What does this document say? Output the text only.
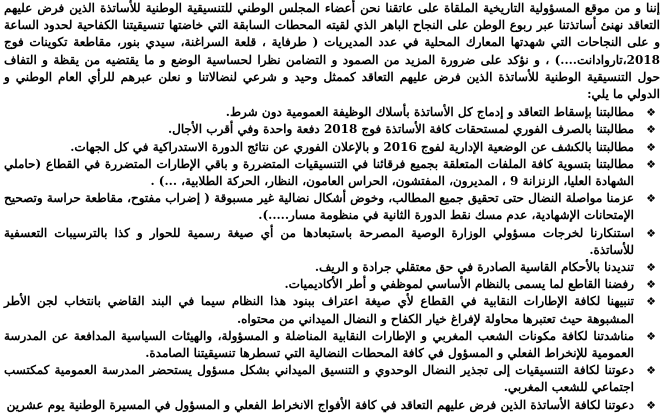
إننا و من موقع المسؤولية التاريخية الملقاة على عاتقنا نحن أعضاء المجلس الوطني للتنسيقية الوطنية للأساتذة الذين فرض عليهم التعاقد نهنئ أساتذتنا عبر ربوع الوطن على النجاح الباهر الذي لقيته المحطات السابقة التي خاضتها تنسيقيتنا الكفاحية لحدود الساعة و على النجاحات التي شهدتها المعارك المحلية في عدد المديريات ( طرفاية ، قلعة السراغنة، سيدي بنور، مقاطعة تكوينات فوج 2018،تاروادانت....) ، و نؤكد على ضرورة المزيد من الصمود و التضامن نظرا لحساسية الوضع و ما يقتضيه من يقظة و التفاف حول التنسيقية الوطنية للأساتذة الذين فرض عليهم التعاقد كممثل وحيد و شرعي لنضالاتنا و نعلن عبرهم للرأي العام الوطني و الدولي ما يلي:

❖
مطالبتنا بإسقاط التعاقد و إدماج كل الأساتذة بأسلاك الوظيفة العمومية دون شرط.
❖
مطالبتنا بالصرف الفوري لمستحقات كافة الأساتذة فوج 2018 دفعة واحدة وفي أقرب الأجال.
❖
مطالبتنا بالكشف عن الوضعية الإدارية لفوج 2016 و بالإعلان الفوري عن نتائج الدورة الاستدراكية في كل الجهات.
❖
مطالبتنا بتسوية كافة الملفات المتعلقة بجميع فرقائنا في التنسيقيات المتضررة و باقي الإطارات المتضررة في القطاع (حاملي الشهادة العليا، الزنزانة 9 ، المديرون، المفتشون، الحراس العامون، النظار، الحركة الطلابية، ...) .
❖
عزمنا مواصلة النضال حتى تحقيق جميع المطالب، وخوض أشكال نضالية غير مسبوقة ( إضراب مفتوح، مقاطعة حراسة وتصحيح الإمتحانات الإشهادية، عدم مسك نقط الدورة الثانية في منظومة مسار.....).
❖
استنكارنا لخرجات مسؤولي الوزارة الوصية المصرحة باستبعادها من أي صيغة رسمية للحوار و كذا بالترسيبات التعسفية للأساتذة.
❖
تنديدنا بالأحكام القاسية الصادرة في حق معتقلي جرادة و الريف.
❖
رفضنا القاطع لما يسمى بالنظام الأساسي لموظفي و أطر الأكاديميات.
❖
تنبيهنا لكافة الإطارات النقابية في القطاع لأي صيغة اعتراف ببنود هذا النظام سيما في البند القاضي بانتخاب لجن الأطر المشبوهة حيث تعتبرها محاولة لإفراغ خيار الكفاح و النضال الميداني من محتواه.
❖
مناشدتنا لكافة مكونات الشعب المغربي و الإطارات النقابية المناضلة و المسؤولة، والهيئات السياسية المدافعة عن المدرسة العمومية للإنخراط الفعلي و المسؤول في كافة المحطات النضالية التي تسطرها تنسيقيتنا الصامدة.
❖
دعوتنا لكافة التنسيقيات إلى تجذير النضال الوحدوي و التنسيق الميداني بشكل مسؤول يستحضر المدرسة العمومية كمكتسب اجتماعي للشعب المغربي.
❖
دعوتنا لكافة الأساتذة الذين فرض عليهم التعاقد في كافة الأفواج الانخراط الفعلي و المسؤول في المسيرة الوطنية يوم عشرين
